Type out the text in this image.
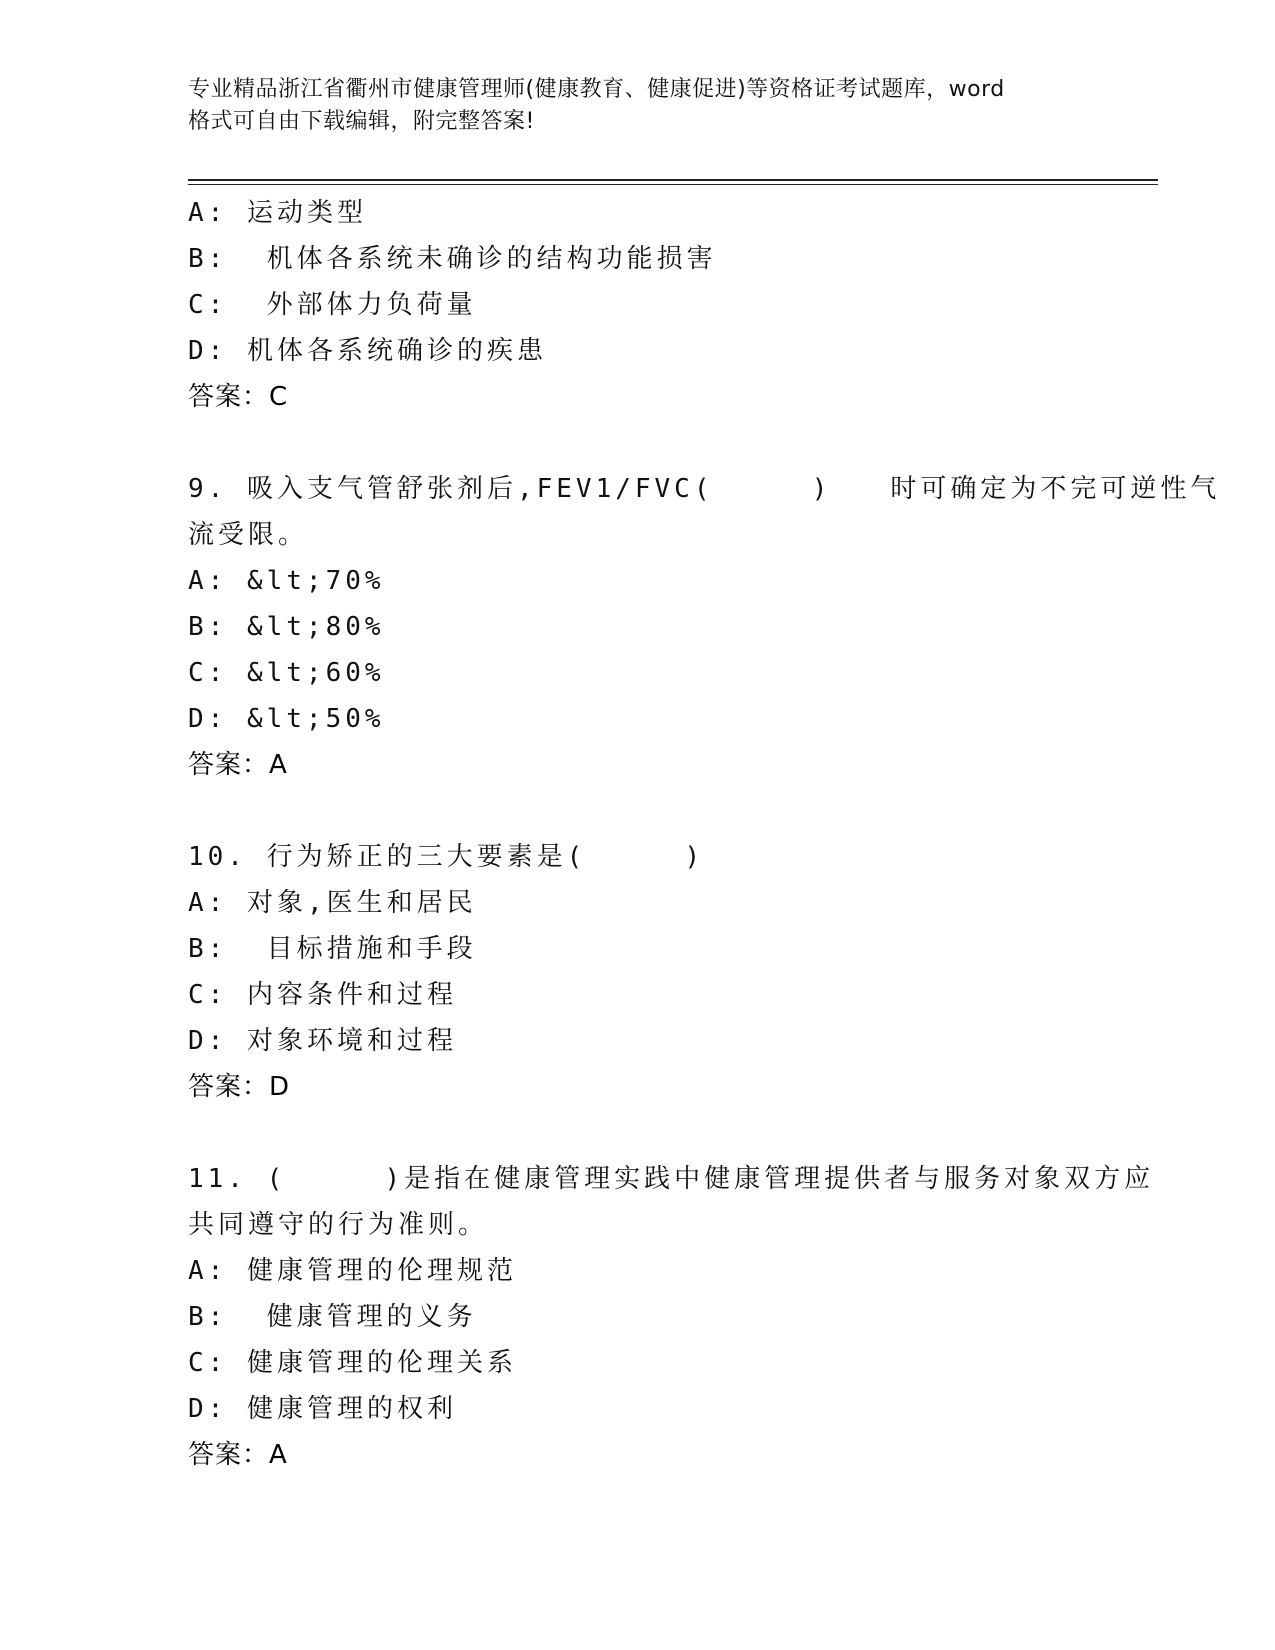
专业精品浙江省衢州市健康管理师(健康教育、健康促进)等资格证考试题库，word
格式可自由下载编辑，附完整答案!
A: 运动类型
B:  机体各系统未确诊的结构功能损害
C:  外部体力负荷量
D: 机体各系统确诊的疾患
答案：C
9. 吸入支气管舒张剂后,FEV1/FVC(     )   时可确定为不完可逆性气
流受限。
A: &lt;70%
B: &lt;80%
C: &lt;60%
D: &lt;50%
答案：A
10. 行为矫正的三大要素是(     )
A: 对象,医生和居民
B:  目标措施和手段
C: 内容条件和过程
D: 对象环境和过程
答案：D
11. (     )是指在健康管理实践中健康管理提供者与服务对象双方应
共同遵守的行为准则。
A: 健康管理的伦理规范
B:  健康管理的义务
C: 健康管理的伦理关系
D: 健康管理的权利
答案：A
